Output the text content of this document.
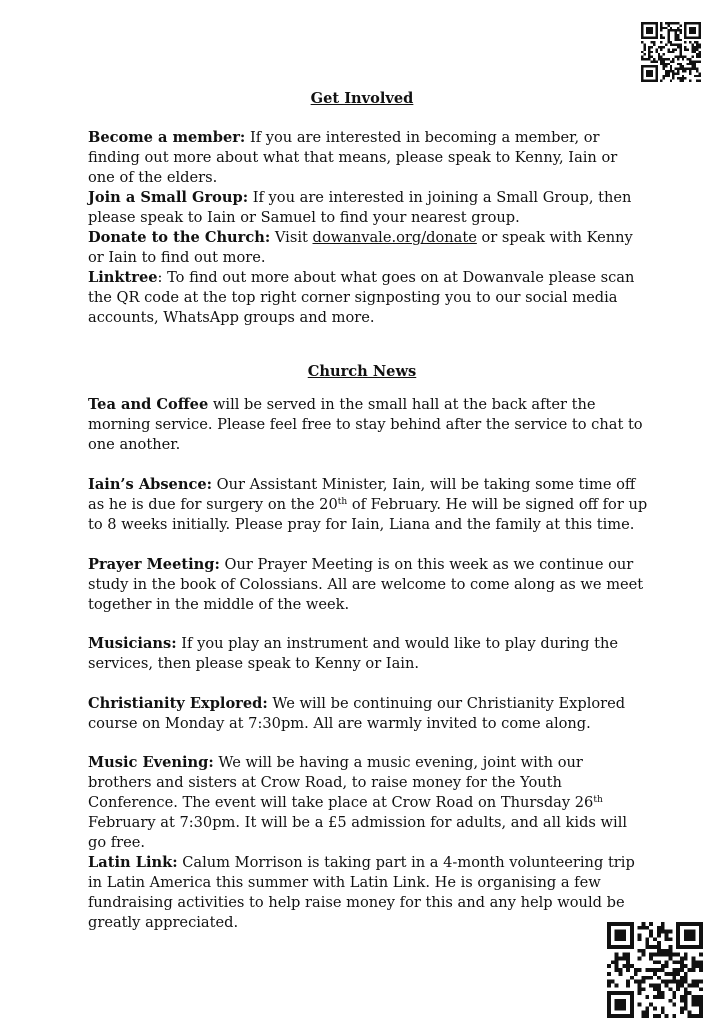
Get Involved

Become a member: If you are interested in becoming a member, or finding out more about what that means, please speak to Kenny, Iain or one of the elders.

Join a Small Group: If you are interested in joining a Small Group, then please speak to Iain or Samuel to find your nearest group.

Donate to the Church: Visit dowanvale.org/donate or speak with Kenny or Iain to find out more.

Linktree: To find out more about what goes on at Dowanvale please scan the QR code at the top right corner signposting you to our social media accounts, WhatsApp groups and more.

Church News

Tea and Coffee will be served in the small hall at the back after the morning service. Please feel free to stay behind after the service to chat to one another.

Iain’s Absence: Our Assistant Minister, Iain, will be taking some time off as he is due for surgery on the 20th of February. He will be signed off for up to 8 weeks initially. Please pray for Iain, Liana and the family at this time.

Prayer Meeting: Our Prayer Meeting is on this week as we continue our study in the book of Colossians. All are welcome to come along as we meet together in the middle of the week.

Musicians: If you play an instrument and would like to play during the services, then please speak to Kenny or Iain.

Christianity Explored: We will be continuing our Christianity Explored course on Monday at 7:30pm. All are warmly invited to come along.

Music Evening: We will be having a music evening, joint with our brothers and sisters at Crow Road, to raise money for the Youth Conference. The event will take place at Crow Road on Thursday 26th February at 7:30pm. It will be a £5 admission for adults, and all kids will go free.

Latin Link: Calum Morrison is taking part in a 4-month volunteering trip in Latin America this summer with Latin Link. He is organising a few fundraising activities to help raise money for this and any help would be greatly appreciated.
